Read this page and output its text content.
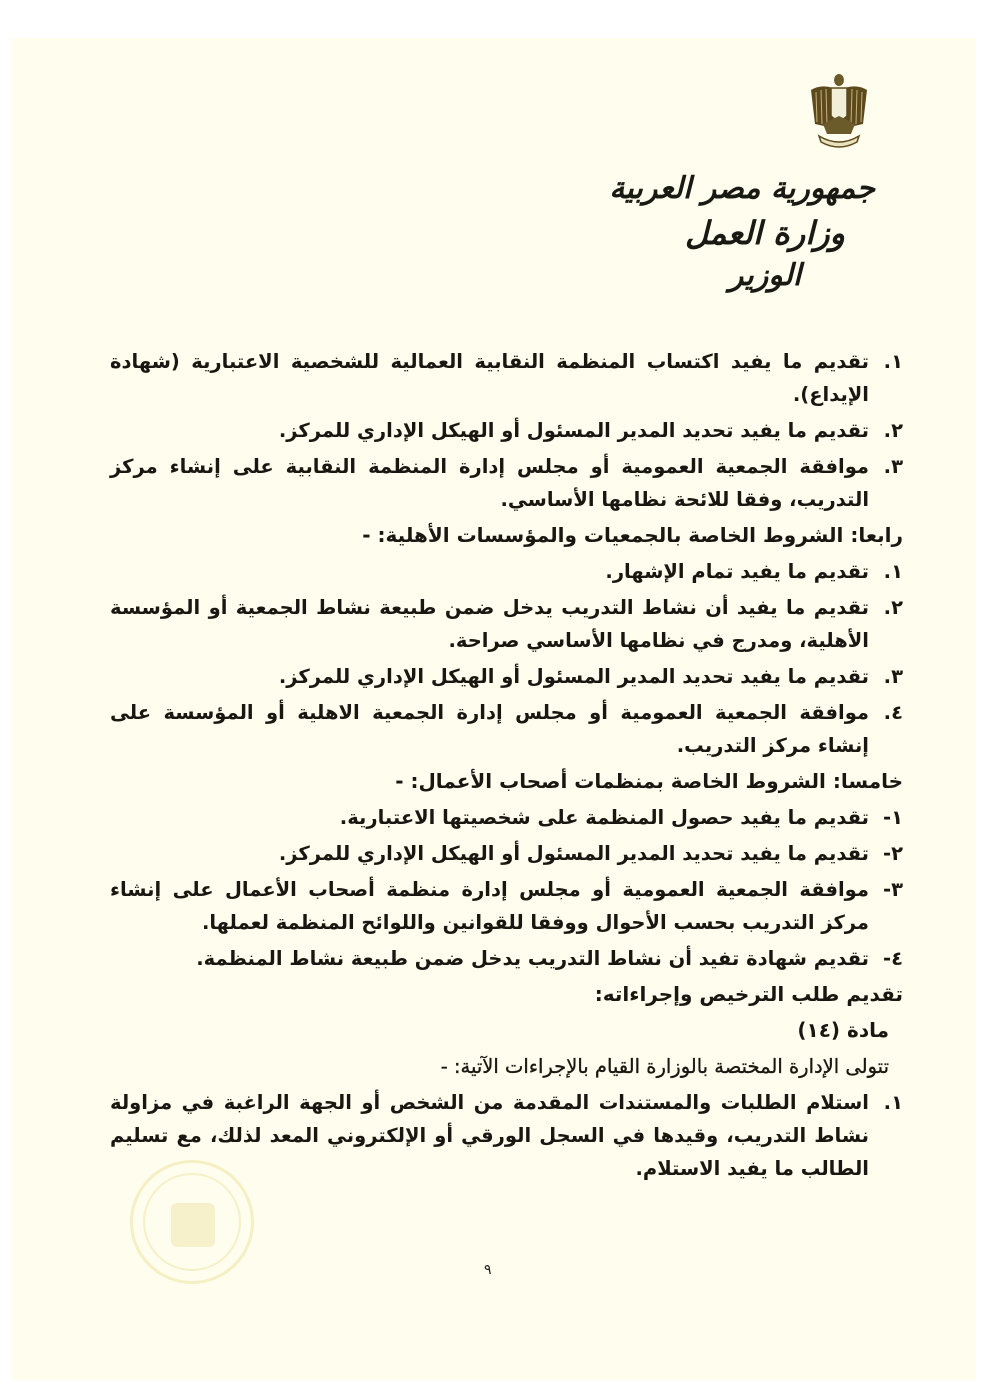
جمهورية مصر العربية
وزارة العمل
الوزير
١.
تقديم ما يفيد اكتساب المنظمة النقابية العمالية للشخصية الاعتبارية (شهادة الإيداع).
٢.
تقديم ما يفيد تحديد المدير المسئول أو الهيكل الإداري للمركز.
٣.
موافقة الجمعية العمومية أو مجلس إدارة المنظمة النقابية على إنشاء مركز التدريب، وفقا للائحة نظامها الأساسي.
رابعا: الشروط الخاصة بالجمعيات والمؤسسات الأهلية: -
١.
تقديم ما يفيد تمام الإشهار.
٢.
تقديم ما يفيد أن نشاط التدريب يدخل ضمن طبيعة نشاط الجمعية أو المؤسسة الأهلية، ومدرج في نظامها الأساسي صراحة.
٣.
تقديم ما يفيد تحديد المدير المسئول أو الهيكل الإداري للمركز.
٤.
موافقة الجمعية العمومية أو مجلس إدارة الجمعية الاهلية أو المؤسسة على إنشاء مركز التدريب.
خامسا: الشروط الخاصة بمنظمات أصحاب الأعمال: -
١-
تقديم ما يفيد حصول المنظمة على شخصيتها الاعتبارية.
٢-
تقديم ما يفيد تحديد المدير المسئول أو الهيكل الإداري للمركز.
٣-
موافقة الجمعية العمومية أو مجلس إدارة منظمة أصحاب الأعمال على إنشاء مركز التدريب بحسب الأحوال ووفقا للقوانين واللوائح المنظمة لعملها.
٤-
تقديم شهادة تفيد أن نشاط التدريب يدخل ضمن طبيعة نشاط المنظمة.
تقديم طلب الترخيص وإجراءاته:
مادة (١٤)
تتولى الإدارة المختصة بالوزارة القيام بالإجراءات الآتية: -
١.
استلام الطلبات والمستندات المقدمة من الشخص أو الجهة الراغبة في مزاولة نشاط التدريب، وقيدها في السجل الورقي أو الإلكتروني المعد لذلك، مع تسليم الطالب ما يفيد الاستلام.
٩
